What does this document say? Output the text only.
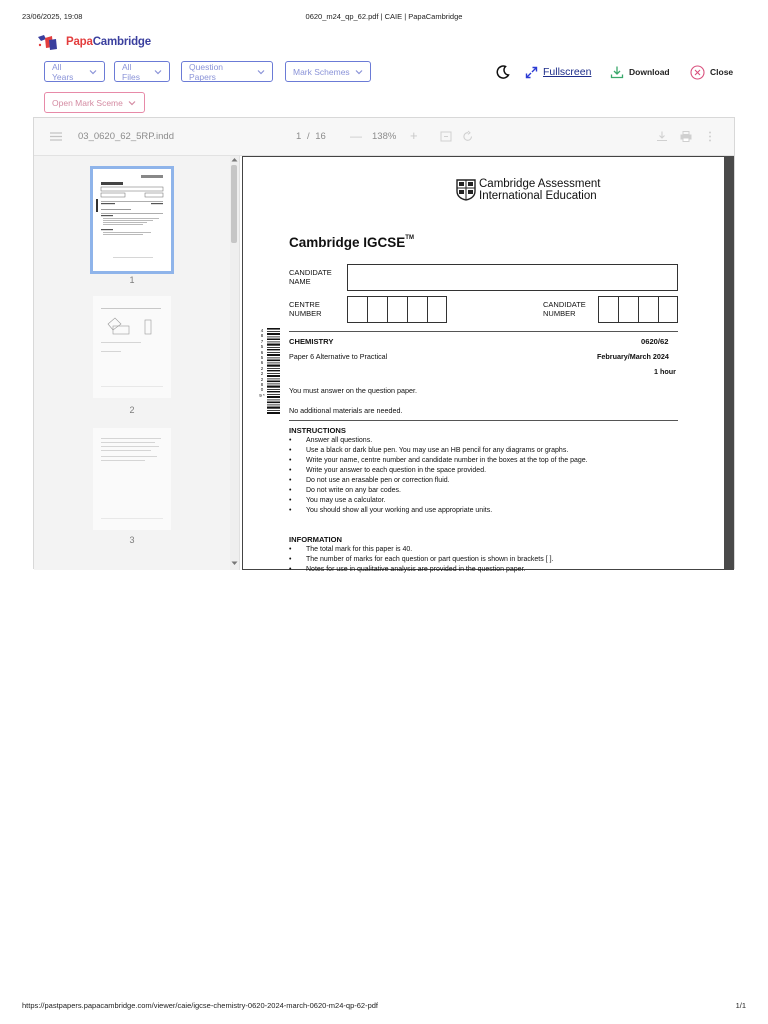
23/06/2025, 19:08	0620_m24_qp_62.pdf | CAIE | PapaCambridge
PapaCambridge
All Years
All Files
Question Papers	Mark Schemes
Open Mark Sceme
Fullscreen	Download	Close
03_0620_62_5RP.indd	1 / 16 — 138% +
1
2
3
Cambridge Assessment
International Education
Cambridge IGCSE™
CANDIDATE
NAME
CENTRE
NUMBER
CANDIDATE
NUMBER
4 8 7 5 6 5 6 2 2 2 8 0 9 *
CHEMISTRY	0620/62
Paper 6 Alternative to Practical	February/March 2024
1 hour
You must answer on the question paper.
No additional materials are needed.
INSTRUCTIONS
• Answer all questions.
• Use a black or dark blue pen. You may use an HB pencil for any diagrams or graphs.
• Write your name, centre number and candidate number in the boxes at the top of the page.
• Write your answer to each question in the space provided.
• Do not use an erasable pen or correction fluid.
• Do not write on any bar codes.
• You may use a calculator.
• You should show all your working and use appropriate units.
INFORMATION
• The total mark for this paper is 40.
• The number of marks for each question or part question is shown in brackets [ ].
• Notes for use in qualitative analysis are provided in the question paper.
https://pastpapers.papacambridge.com/viewer/caie/igcse-chemistry-0620-2024-march-0620-m24-qp-62-pdf	1/1
